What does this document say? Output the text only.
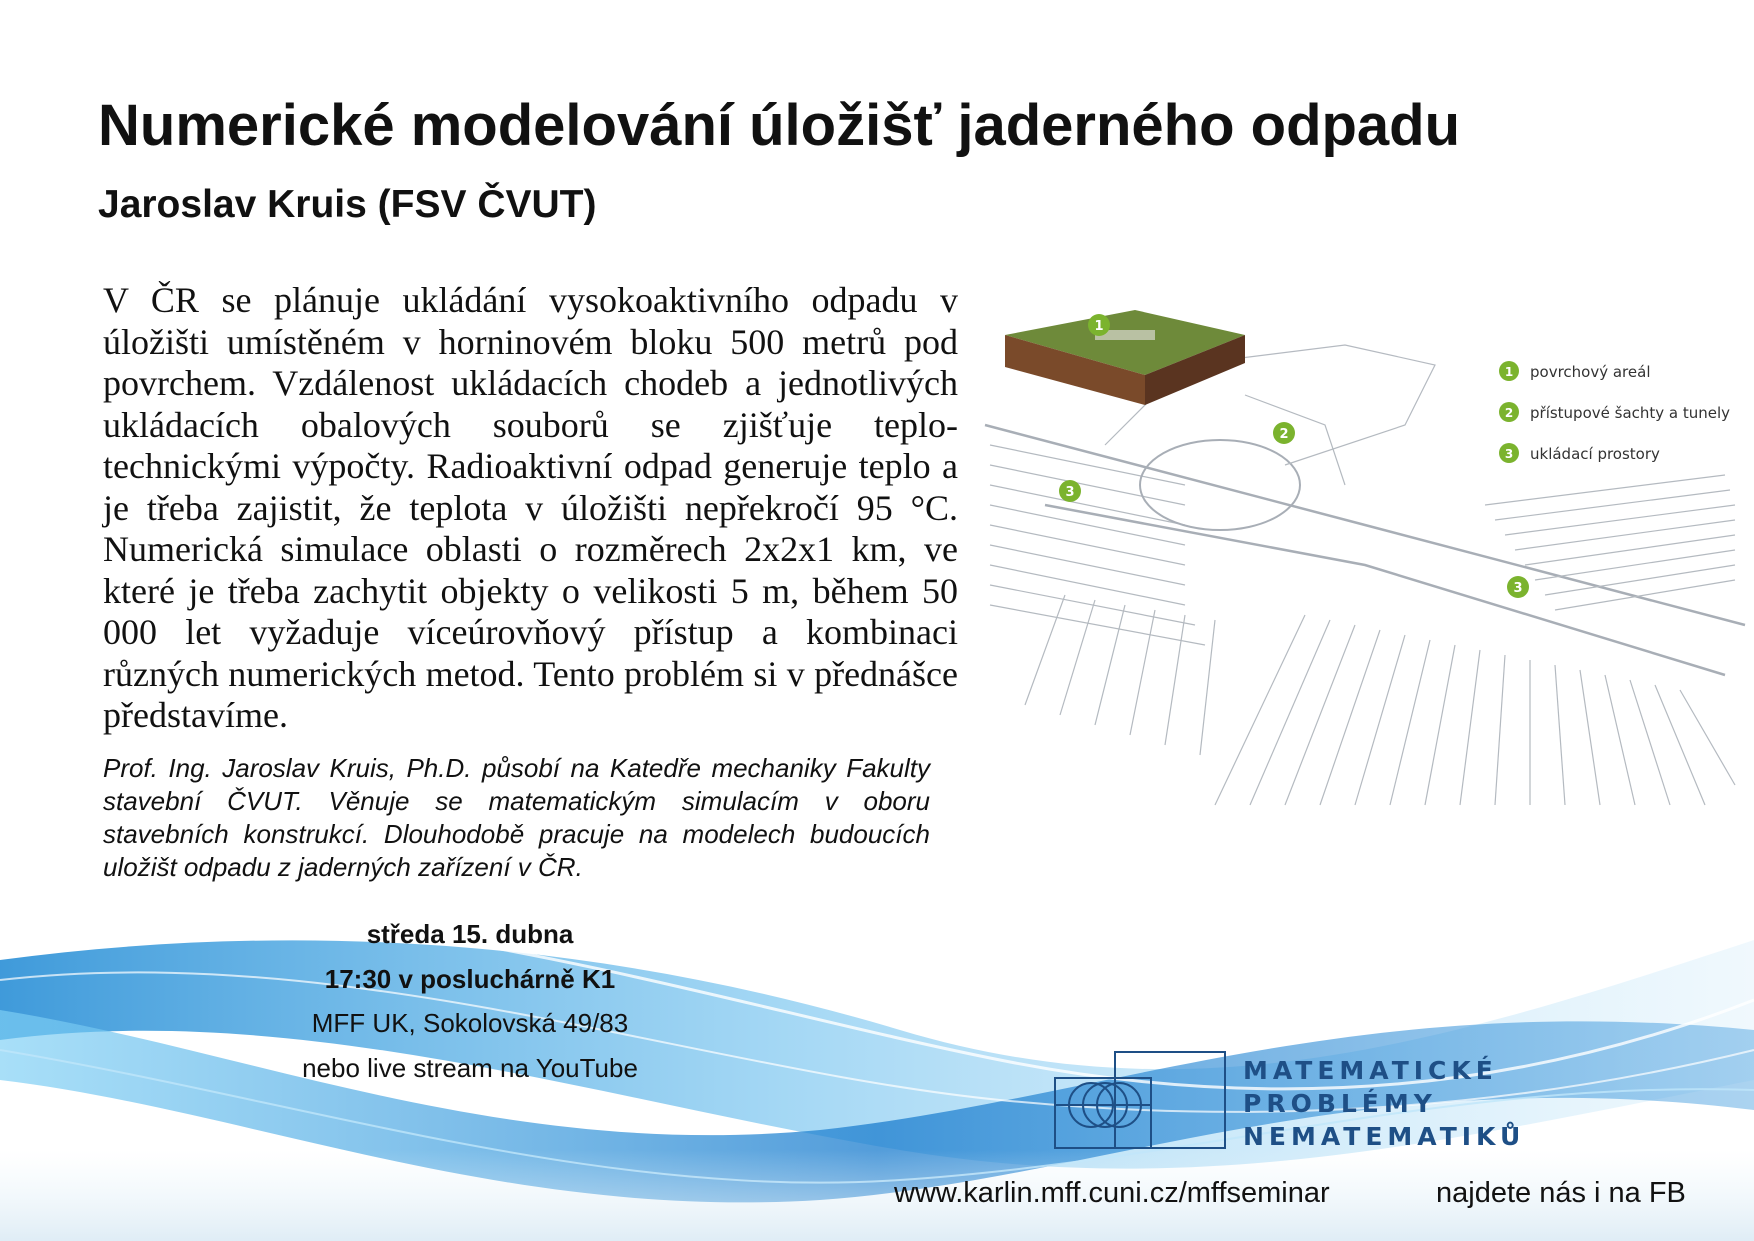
Numerické modelování úložišť jaderného odpadu
Jaroslav Kruis (FSV ČVUT)
V ČR se plánuje ukládání vysokoaktivního odpadu v úložišti umístěném v horninovém bloku 500 metrů pod povrchem. Vzdálenost ukládacích chodeb a jednotlivých ukládacích obalových souborů se zjišťuje teplo-technickými výpočty. Radioaktivní odpad generuje teplo a je třeba zajistit, že teplota v úložišti nepřekročí 95 °C. Numerická simulace oblasti o rozměrech 2x2x1 km, ve které je třeba zachytit objekty o velikosti 5 m, během 50 000 let vyžaduje víceúrovňový přístup a kombinaci různých numerických metod. Tento problém si v přednášce představíme.
Prof. Ing. Jaroslav Kruis, Ph.D. působí na Katedře mechaniky Fakulty stavební ČVUT. Věnuje se matematickým simulacím v oboru stavebních konstrukcí. Dlouhodobě pracuje na modelech budoucích uložišt odpadu z jaderných zařízení v ČR.
středa 15. dubna
17:30 v posluchárně K1
MFF UK, Sokolovská 49/83
nebo live stream na YouTube
1
2
3
3
1 povrchový areál
2 přístupové šachty a tunely
3 ukládací prostory
MATEMATICKÉ
PROBLÉMY
NEMATEMATIKŮ
www.karlin.mff.cuni.cz/mffseminar	najdete nás i na FB
